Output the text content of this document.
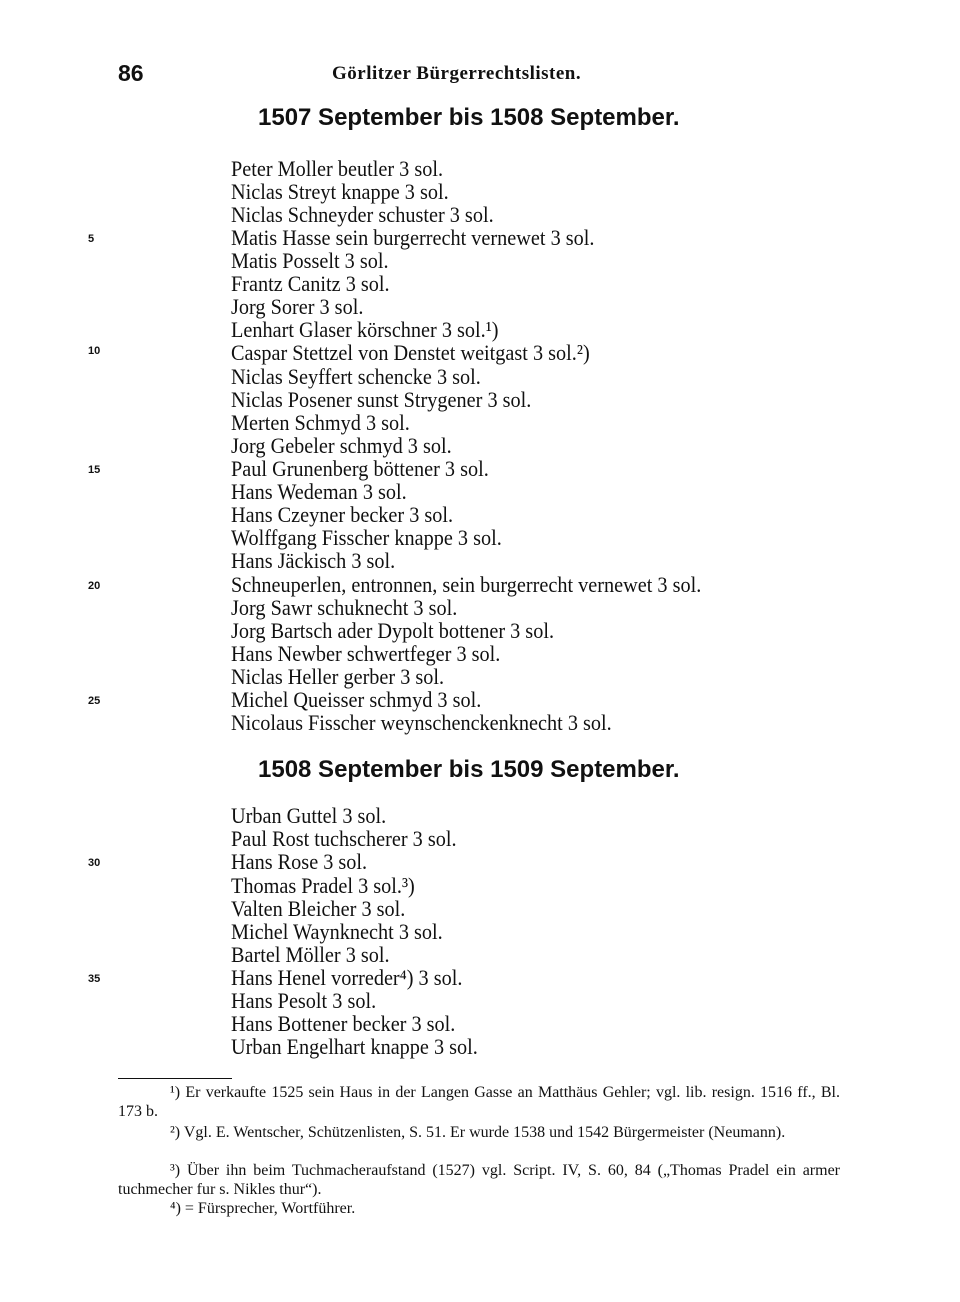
86	Görlitzer Bürgerrechtslisten.
1507 September bis 1508 September.
Peter Moller beutler 3 sol.
Niclas Streyt knappe 3 sol.
Niclas Schneyder schuster 3 sol.
Matis Hasse sein burgerrecht vernewet 3 sol.
Matis Posselt 3 sol.
Frantz Canitz 3 sol.
Jorg Sorer 3 sol.
Lenhart Glaser körschner 3 sol.¹)
Caspar Stettzel von Denstet weitgast 3 sol.²)
Niclas Seyffert schencke 3 sol.
Niclas Posener sunst Strygener 3 sol.
Merten Schmyd 3 sol.
Jorg Gebeler schmyd 3 sol.
Paul Grunenberg böttener 3 sol.
Hans Wedeman 3 sol.
Hans Czeyner becker 3 sol.
Wolffgang Fisscher knappe 3 sol.
Hans Jäckisch 3 sol.
Schneuperlen, entronnen, sein burgerrecht vernewet 3 sol.
Jorg Sawr schuknecht 3 sol.
Jorg Bartsch ader Dypolt bottener 3 sol.
Hans Newber schwertfeger 3 sol.
Niclas Heller gerber 3 sol.
Michel Queisser schmyd 3 sol.
Nicolaus Fisscher weynschenckenknecht 3 sol.
1508 September bis 1509 September.
Urban Guttel 3 sol.
Paul Rost tuchscherer 3 sol.
Hans Rose 3 sol.
Thomas Pradel 3 sol.³)
Valten Bleicher 3 sol.
Michel Waynknecht 3 sol.
Bartel Möller 3 sol.
Hans Henel vorreder⁴) 3 sol.
Hans Pesolt 3 sol.
Hans Bottener becker 3 sol.
Urban Engelhart knappe 3 sol.
5
10
15
20
25
30
35
¹) Er verkaufte 1525 sein Haus in der Langen Gasse an Matthäus Gehler; vgl. lib. resign. 1516 ff., Bl. 173 b.
²) Vgl. E. Wentscher, Schützenlisten, S. 51. Er wurde 1538 und 1542 Bürgermeister (Neumann).
³) Über ihn beim Tuchmacheraufstand (1527) vgl. Script. IV, S. 60, 84 („Thomas Pradel ein armer tuchmecher fur s. Nikles thur“).
⁴) = Fürsprecher, Wortführer.
